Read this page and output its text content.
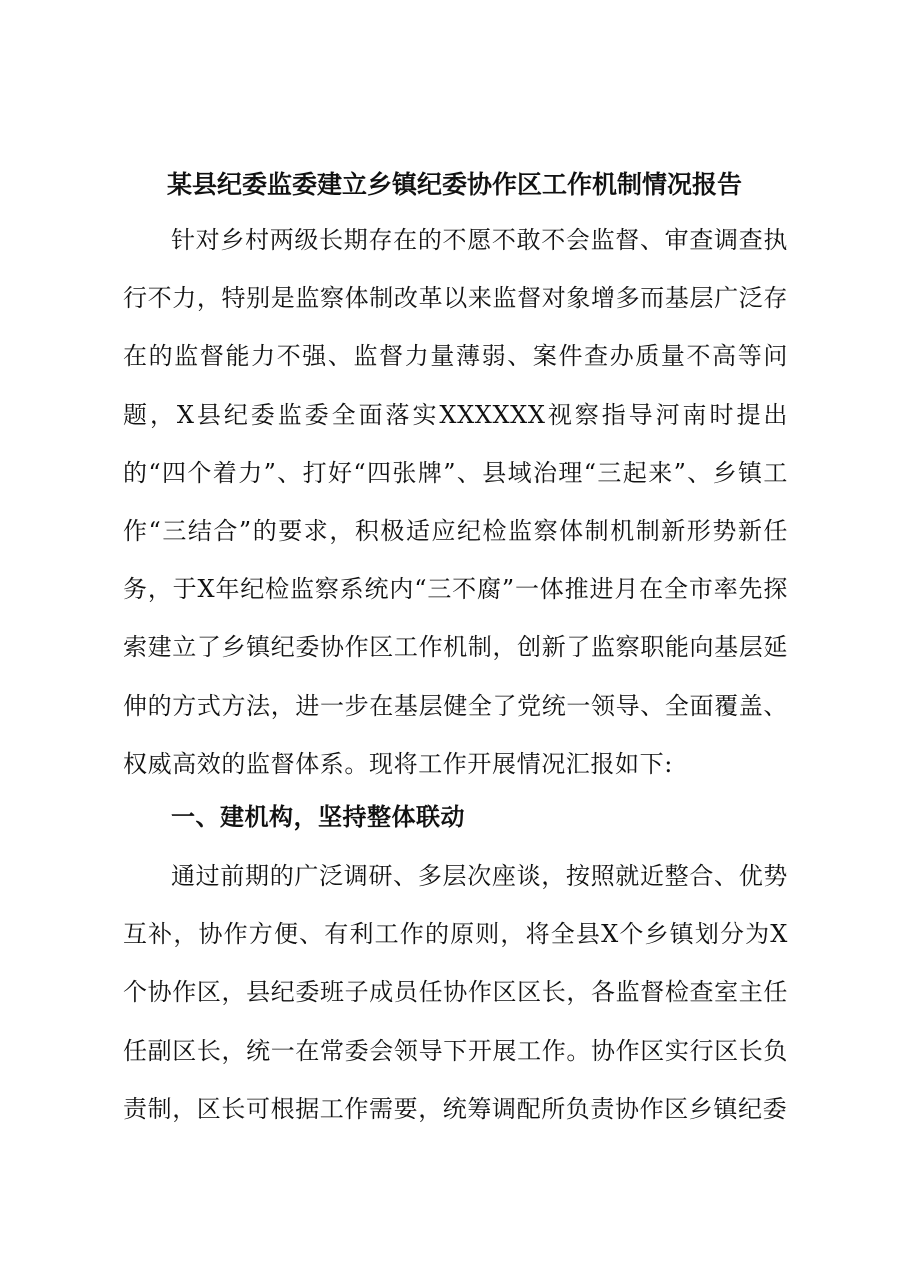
某县纪委监委建立乡镇纪委协作区工作机制情况报告

针对乡村两级长期存在的不愿不敢不会监督、审查调查执行不力，特别是监察体制改革以来监督对象增多而基层广泛存在的监督能力不强、监督力量薄弱、案件查办质量不高等问题，X县纪委监委全面落实XXXXXX视察指导河南时提出的“四个着力”、打好“四张牌”、县域治理“三起来”、乡镇工作“三结合”的要求，积极适应纪检监察体制机制新形势新任务，于X年纪检监察系统内“三不腐”一体推进月在全市率先探索建立了乡镇纪委协作区工作机制，创新了监察职能向基层延伸的方式方法，进一步在基层健全了党统一领导、全面覆盖、权威高效的监督体系。现将工作开展情况汇报如下:

一、建机构，坚持整体联动

通过前期的广泛调研、多层次座谈，按照就近整合、优势互补，协作方便、有利工作的原则，将全县X个乡镇划分为X个协作区，县纪委班子成员任协作区区长，各监督检查室主任任副区长，统一在常委会领导下开展工作。协作区实行区长负责制，区长可根据工作需要，统筹调配所负责协作区乡镇纪委
